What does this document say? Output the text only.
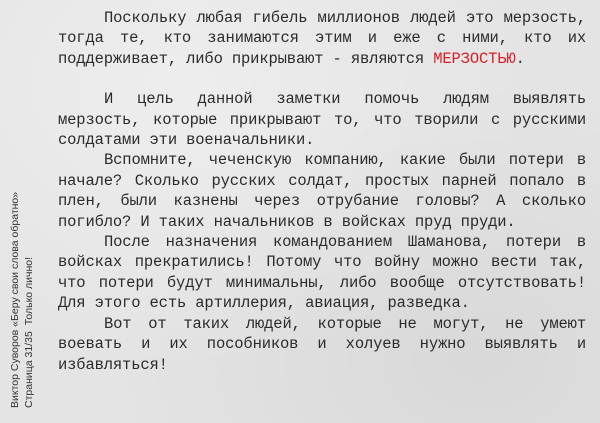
Виктор Суворов «Беру свои слова обратно» Страница 31/35Только лично!

Поскольку любая гибель миллионов людей это мерзость, тогда те, кто занимаются этим и еже с ними, кто их поддерживает, либо прикрывают - являются МЕРЗОСТЬЮ.

И цель данной заметки помочь людям выявлять мерзость, которые прикрывают то, что творили с русскими солдатами эти военачальники.

Вспомните, чеченскую компанию, какие были потери в начале? Сколько русских солдат, простых парней попало в плен, были казнены через отрубание головы? А сколько погибло? И таких начальников в войсках пруд пруди.

После назначения командованием Шаманова, потери в войсках прекратились! Потому что войну можно вести так, что потери будут минимальны, либо вообще отсутствовать! Для этого есть артиллерия, авиация, разведка.

Вот от таких людей, которые не могут, не умеют воевать и их пособников и холуев нужно выявлять и избавляться!
